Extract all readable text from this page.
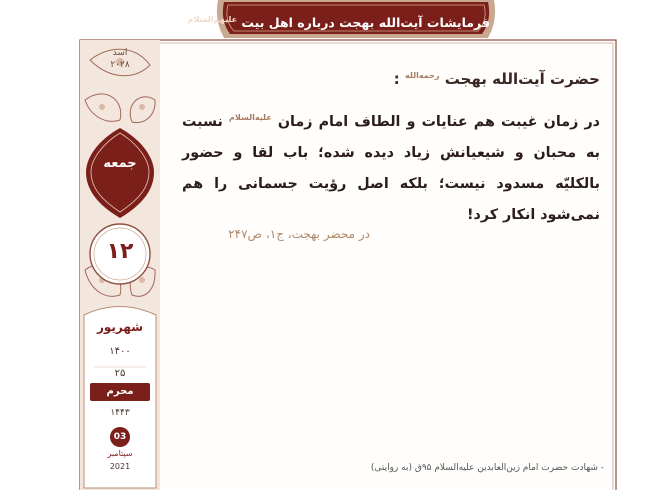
فرمایشات آیت‌الله بهجت درباره اهل بیت $^{علیهم‌السلام}$
اسد
۲۰۲۸
جمعه
۱۲
شهریور
۱۴۰۰
۲۵
محرم
۱۴۴۳
03
سپتامبر
2021
حضرت آیت‌الله بهجت $^{رحمه‌الله}$ :
در زمان غیبت هم عنایات و الطاف امام زمان $^{علیه‌السلام}$ نسبت به محبان و شیعیانش زیاد دیده شده؛ باب لقا و حضور بالکلیّه مسدود نیست؛ بلکه اصل رؤیت جسمانی را هم نمی‌شود انکار کرد!
در محضر بهجت، ج۱، ص۲۴۷
- شهادت حضرت امام زین‌العابدین علیه‌السلام ۹۵ق (به روایتی)
